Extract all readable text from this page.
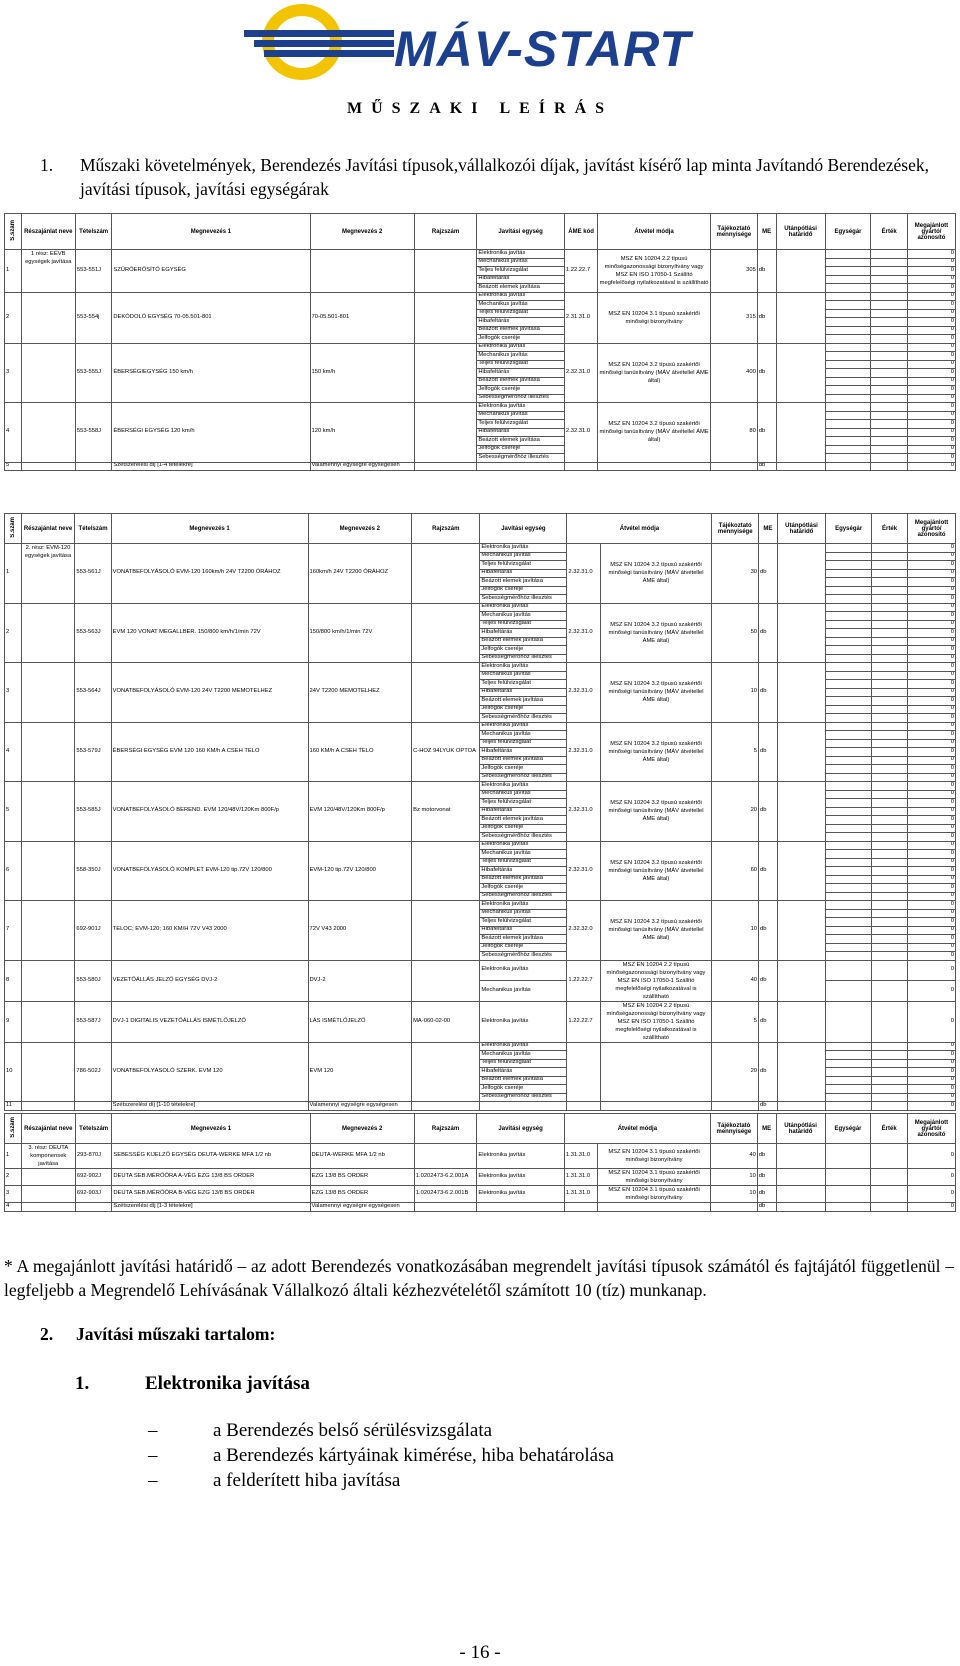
MÁV-START
MŰSZAKI LEÍRÁS
1. Műszaki követelmények, Berendezés Javítási típusok,vállalkozói díjak, javítást kísérő lap minta Javítandó Berendezések, javítási típusok, javítási egységárak
S.szám	Részajánlat neve	Tételszám	Megnevezés 1	Megnevezés 2	Rajzszám	Javítási egység	ÁME kód	Átvétel módja	Tájékoztató mennyisége	ME	Utánpótlási határidő	Egységár	Érték	Megajánlott gyártó/ azonosító
1	1 rész: EÉVB egységek javítása	553-551J	SZŰRŐERŐSÍTŐ EGYSÉG			Elektronika javítás	1.22.22.7	MSZ EN 10204 2.2 típusú minőségazonossági bizonyítvány vagy MSZ EN ISO 17050-1 Szállító megfelelőségi nyilatkozatával is szállítható	305	db				0
						Mechanikus javítás								0
						Teljes felülvizsgálat								0
						Hibafeltárás								0
						Beázott elemek javítása								0
2		553-554j	DEKÓDOLÓ EGYSÉG 70-05.501-801	70-05.501-801		Elektronika javítás	2.31.31.0	MSZ EN 10204 3.1 típusú szakértői minőségi bizonyítvány	315	db				0
						Mechanikus javítás								0
						Teljes felülvizsgálat								0
						Hibafeltárás								0
						Beázott elemek javítása								0
						Jelfogók cseréje								0
3		553-555J	ÉBERSÉGIEGYSÉG 150 km/h	150 km/h		Elektronika javítás	2.32.31.0	MSZ EN 10204 3.2 típusú szakértői minőségi tanúsítvány (MÁV átvétellel ÁME által)	400	db				0
						Mechanikus javítás								0
						Teljes felülvizsgálat								0
						Hibafeltárás								0
						Beázott elemek javítása								0
						Jelfogók cseréje								0
						Sebességmérőhöz illesztés								0
4		553-558J	ÉBERSÉGI EGYSÉG 120 km/h	120 km/h		Elektronika javítás	2.32.31.0	MSZ EN 10204 3.2 típusú szakértői minőségi tanúsítvány (MÁV átvétellel ÁME által)	80	db				0
						Mechanikus javítás								0
						Teljes felülvizsgálat								0
						Hibafeltárás								0
						Beázott elemek javítása								0
						Jelfogók cseréje								0
						Sebességmérőhöz illesztés								0
5			Szétszerelési díj [1-4 tételekre]	Valamennyi egységre egységesen						db				0
S.szám	Részajánlat neve	Tételszám	Megnevezés 1	Megnevezés 2	Rajzszám	Javítási egység	Átvétel módja		Tájékoztató mennyisége	ME	Utánpótlási határidő	Egységár	Érték	Megajánlott gyártó/ azonosító
1	2. rész: EVM-120 egységek javítása	553-561J	VONATBEFOLYÁSOLÓ EVM-120 160km/h 24V T2200 ÓRÁHOZ	160km/h 24V T2200 ÓRÁHOZ		Elektronika javítás	2.32.31.0	MSZ EN 10204 3.2 típusú szakértői minőségi tanúsítvány (MÁV átvétellel ÁME által)	30	db				0
						Mechanikus javítás								0
						Teljes felülvizsgálat								0
						Hibafeltárás								0
						Beázott elemek javítása								0
						Jelfogók cseréje								0
						Sebességmérőhöz illesztés								0
2		553-563J	EVM 120 VONAT MEGALLBER. 150/800 km/h/1/min 72V	150/800 km/h/1/min 72V		Elektronika javítás	2.32.31.0	MSZ EN 10204 3.2 típusú szakértői minőségi tanúsítvány (MÁV átvétellel ÁME által)	50	db				0
						Mechanikus javítás								0
						Teljes felülvizsgálat								0
						Hibafeltárás								0
						Beázott elemek javítása								0
						Jelfogók cseréje								0
						Sebességmérőhöz illesztés								0
3		553-564J	VONATBEFOLYÁSOLÓ EVM-120 24V T2200 MEMOTELHEZ	24V T2200 MEMOTELHEZ		Elektronika javítás	2.32.31.0	MSZ EN 10204 3.2 típusú szakértői minőségi tanúsítvány (MÁV átvétellel ÁME által)	10	db				0
						Mechanikus javítás								0
						Teljes felülvizsgálat								0
						Hibafeltárás								0
						Beázott elemek javítása								0
						Jelfogók cseréje								0
						Sebességmérőhöz illesztés								0
4		553-579J	ÉBERSÉGI EGYSÉG EVM 120 160 KM/h A CSEH TELO	160 KM/h A CSEH TELO	C-HOZ 94LYUK OPTOA	Elektronika javítás	2.32.31.0	MSZ EN 10204 3.2 típusú szakértői minőségi tanúsítvány (MÁV átvétellel ÁME által)	5	db				0
						Mechanikus javítás								0
						Teljes felülvizsgálat								0
						Hibafeltárás								0
						Beázott elemek javítása								0
						Jelfogók cseréje								0
						Sebességmérőhöz illesztés								0
5		553-585J	VONATBEFOLYÁSOLÓ BEREND. EVM 120/48V/120Km 800F/p	EVM 120/48V/120Km 800F/p	Bz motorvonat	Elektronika javítás	2.32.31.0	MSZ EN 10204 3.2 típusú szakértői minőségi tanúsítvány (MÁV átvétellel ÁME által)	20	db				0
						Mechanikus javítás								0
						Teljes felülvizsgálat								0
						Hibafeltárás								0
						Beázott elemek javítása								0
						Jelfogók cseréje								0
						Sebességmérőhöz illesztés								0
6		558-350J	VONATBEFOLYÁSOLÓ KOMPLET EVM-120 tip.72V 120/800	EVM-120 tip.72V 120/800		Elektronika javítás	2.32.31.0	MSZ EN 10204 3.2 típusú szakértői minőségi tanúsítvány (MÁV átvétellel ÁME által)	60	db				0
						Mechanikus javítás								0
						Teljes felülvizsgálat								0
						Hibafeltárás								0
						Beázott elemek javítása								0
						Jelfogók cseréje								0
						Sebességmérőhöz illesztés								0
7		692-901J	TELOC; EVM-120; 160 KM/H 72V V43 2000	72V V43 2000		Elektronika javítás	2.32.32.0	MSZ EN 10204 3.2 típusú szakértői minőségi tanúsítvány (MÁV átvétellel ÁME által)	10	db				0
						Mechanikus javítás								0
						Teljes felülvizsgálat								0
						Hibafeltárás								0
						Beázott elemek javítása								0
						Jelfogók cseréje								0
						Sebességmérőhöz illesztés								0
8		553-580J	VEZETŐÁLLÁS JELZŐ EGYSÉG DVJ-2	DVJ-2		Elektronika javítás	1.22.22.7	MSZ EN 10204 2.2 típusú minőségazonossági bizonyítvány vagy MSZ EN ISO 17050-1 Szállító megfelelőségi nyilatkozatával is szállítható	40	db				0
						Mechanikus javítás								0
9		553-587J	DVJ-1 DIGITALIS VEZETŐÁLLÁS ISMÉTLŐJELZŐ	LÁS ISMÉTLŐJELZŐ	MA-060-02-00	Elektronika javítás	1.22.22.7	MSZ EN 10204 2.2 típusú minőségazonossági bizonyítvány vagy MSZ EN ISO 17050-1 Szállító megfelelőségi nyilatkozatával is szállítható	5	db				0
10		786-502J	VONATBEFOLYÁSOLÓ SZERK. EVM 120	EVM 120		Elektronika javítás			20	db				0
						Mechanikus javítás								0
						Teljes felülvizsgálat								0
						Hibafeltárás								0
						Beázott elemek javítása								0
						Jelfogók cseréje								0
						Sebességmérőhöz illesztés								0
11			Szétszerelési díj [1-10 tételekre]	Valamennyi egységre egységesen						db				0
S.szám	Részajánlat neve	Tételszám	Megnevezés 1	Megnevezés 2	Rajzszám	Javítási egység	Átvétel módja		Tájékoztató mennyisége	ME	Utánpótlási határidő	Egységár	Érték	Megajánlott gyártó/ azonosító
1	3. rész: DEUTA komponensek javítása	293-870J	SEBESSÉG KIJELZŐ EGYSÉG DEUTA-WERKE MFA 1/2 nb	DEUTA-WERKE MFA 1/2 nb		Elektronika javítás	1.31.31.0	MSZ EN 10204 3.1 típusú szakértői minőségi bizonyítvány	40	db				0
2		692-902J	DEUTA SEB.MÉRŐÓRA A-VÉG EZG 13/8 BS ORDER	EZG 13/8 BS ORDER	1.0202473-6.2.001A	Elektronika javítás	1.31.31.0	MSZ EN 10204 3.1 típusú szakértői minőségi bizonyítvány	10	db				0
3		692-903J	DEUTA SEB.MÉRŐÓRA B-VÉG EZG 13/8 BS ORDER	EZG 13/8 BS ORDER	1.0202473-6.2.001B	Elektronika javítás	1.31.31.0	MSZ EN 10204 3.1 típusú szakértői minőségi bizonyítvány	10	db				0
4			Szétszerelési díj [1-3 tételekre]	Valamennyi egységre egységesen						db				0
* A megajánlott javítási határidő – az adott Berendezés vonatkozásában megrendelt javítási típusok számától és fajtájától függetlenül – legfeljebb a Megrendelő Lehívásának Vállalkozó általi kézhezvételétől számított 10 (tíz) munkanap.
2. Javítási műszaki tartalom:
1.	Elektronika javítása
–	a Berendezés belső sérülésvizsgálata
–	a Berendezés kártyáinak kimérése, hiba behatárolása
–	a felderített hiba javítása
- 16 -
